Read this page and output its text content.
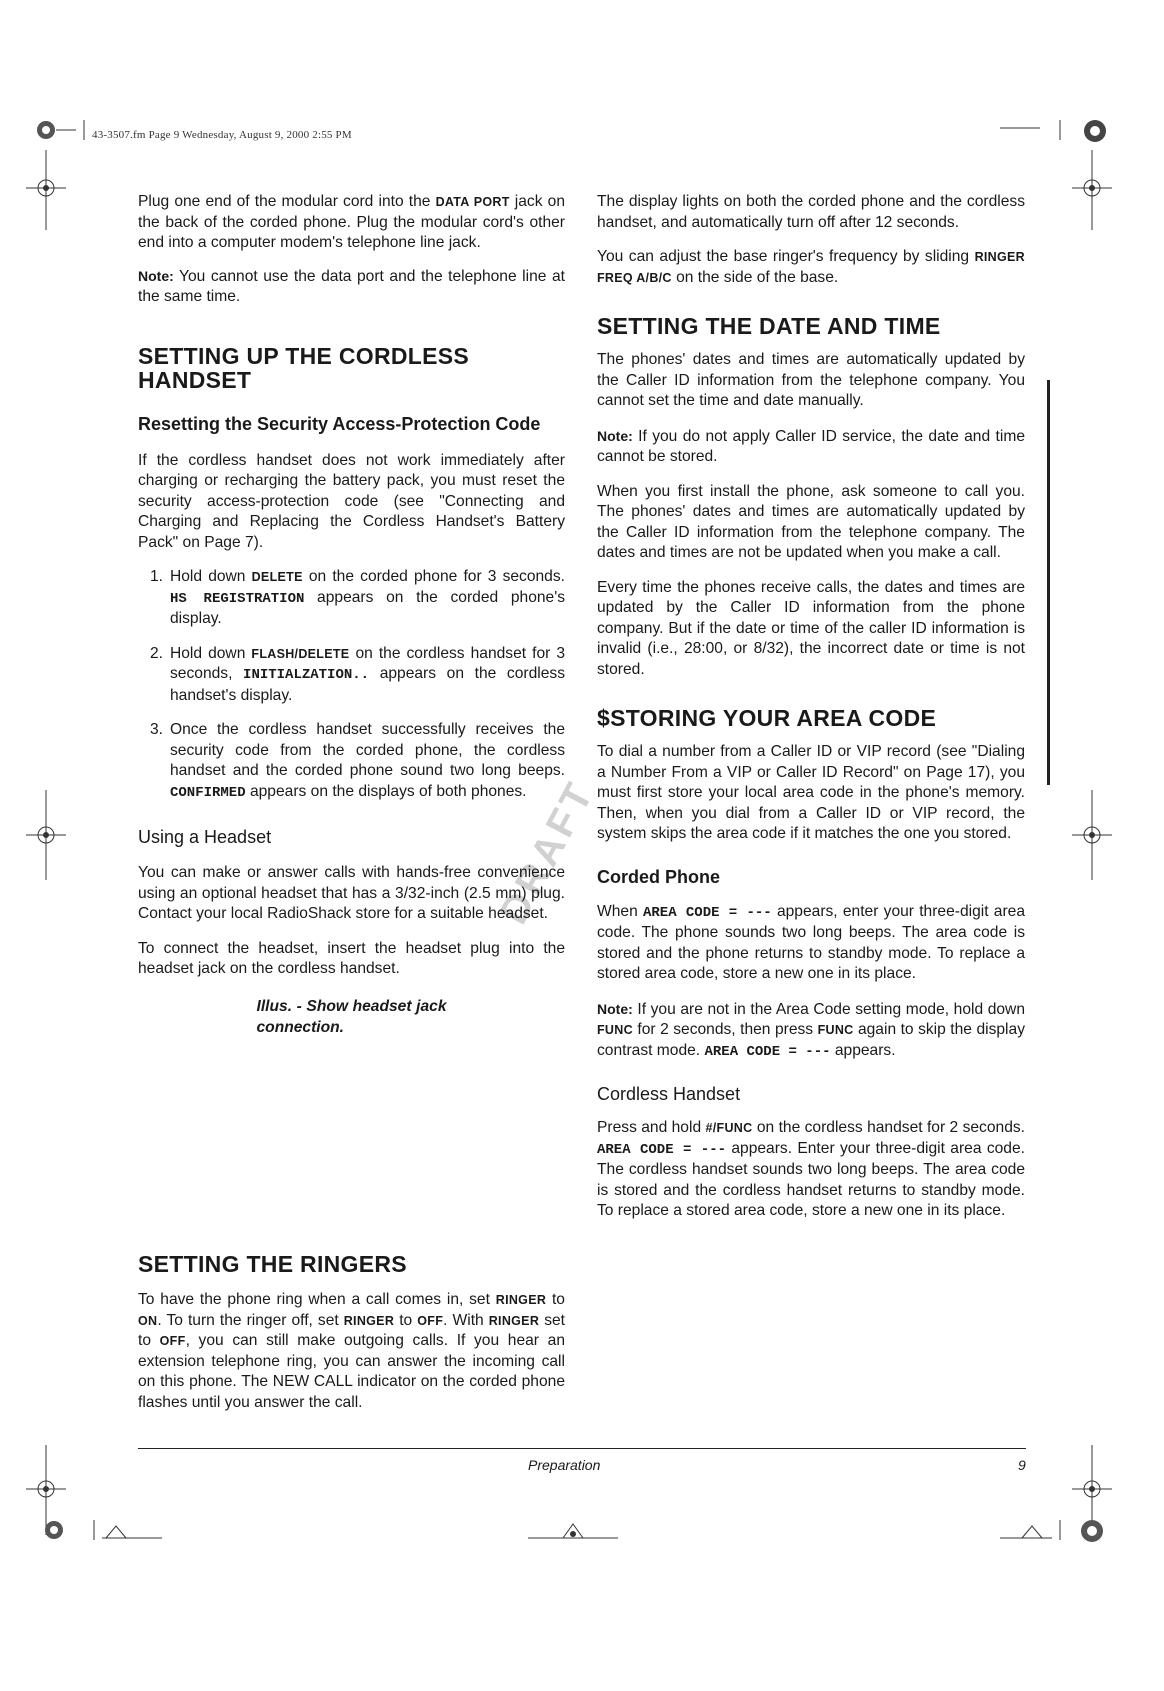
43-3507.fm Page 9 Wednesday, August 9, 2000 2:55 PM

Plug one end of the modular cord into the DATA PORT jack on the back of the corded phone. Plug the modular cord's other end into a computer modem's telephone line jack.

Note: You cannot use the data port and the telephone line at the same time.

SETTING UP THE CORDLESS HANDSET
Resetting the Security Access-Protection Code

If the cordless handset does not work immediately after charging or recharging the battery pack, you must reset the security access-protection code (see "Connecting and Charging and Replacing the Cordless Handset's Battery Pack" on Page 7).

1. Hold down DELETE on the corded phone for 3 seconds. HS REGISTRATION appears on the corded phone's display.
2. Hold down FLASH/DELETE on the cordless handset for 3 seconds, INITIALZATION.. appears on the cordless handset's display.
3. Once the cordless handset successfully receives the security code from the corded phone, the cordless handset and the corded phone sound two long beeps. CONFIRMED appears on the displays of both phones.
Using a Headset

You can make or answer calls with hands-free convenience using an optional headset that has a 3/32-inch (2.5 mm) plug. Contact your local RadioShack store for a suitable headset.

To connect the headset, insert the headset plug into the headset jack on the cordless handset.

Illus. - Show headset jack connection.

SETTING THE RINGERS

To have the phone ring when a call comes in, set RINGER to ON. To turn the ringer off, set RINGER to OFF. With RINGER set to OFF, you can still make outgoing calls. If you hear an extension telephone ring, you can answer the incoming call on this phone. The NEW CALL indicator on the corded phone flashes until you answer the call.

The display lights on both the corded phone and the cordless handset, and automatically turn off after 12 seconds.

You can adjust the base ringer's frequency by sliding RINGER FREQ A/B/C on the side of the base.

SETTING THE DATE AND TIME

The phones' dates and times are automatically updated by the Caller ID information from the telephone company. You cannot set the time and date manually.

Note: If you do not apply Caller ID service, the date and time cannot be stored.

When you first install the phone, ask someone to call you. The phones' dates and times are automatically updated by the Caller ID information from the telephone company. The dates and times are not be updated when you make a call.

Every time the phones receive calls, the dates and times are updated by the Caller ID information from the phone company. But if the date or time of the caller ID information is invalid (i.e., 28:00, or 8/32), the incorrect date or time is not stored.

$STORING YOUR AREA CODE

To dial a number from a Caller ID or VIP record (see "Dialing a Number From a VIP or Caller ID Record" on Page 17), you must first store your local area code in the phone's memory. Then, when you dial from a Caller ID or VIP record, the system skips the area code if it matches the one you stored.

Corded Phone

When AREA CODE = --- appears, enter your three-digit area code. The phone sounds two long beeps. The area code is stored and the phone returns to standby mode. To replace a stored area code, store a new one in its place.

Note: If you are not in the Area Code setting mode, hold down FUNC for 2 seconds, then press FUNC again to skip the display contrast mode. AREA CODE = --- appears.

Cordless Handset

Press and hold #/FUNC on the cordless handset for 2 seconds. AREA CODE = --- appears. Enter your three-digit area code. The cordless handset sounds two long beeps. The area code is stored and the cordless handset returns to standby mode. To replace a stored area code, store a new one in its place.

DRAFT
Preparation	9
